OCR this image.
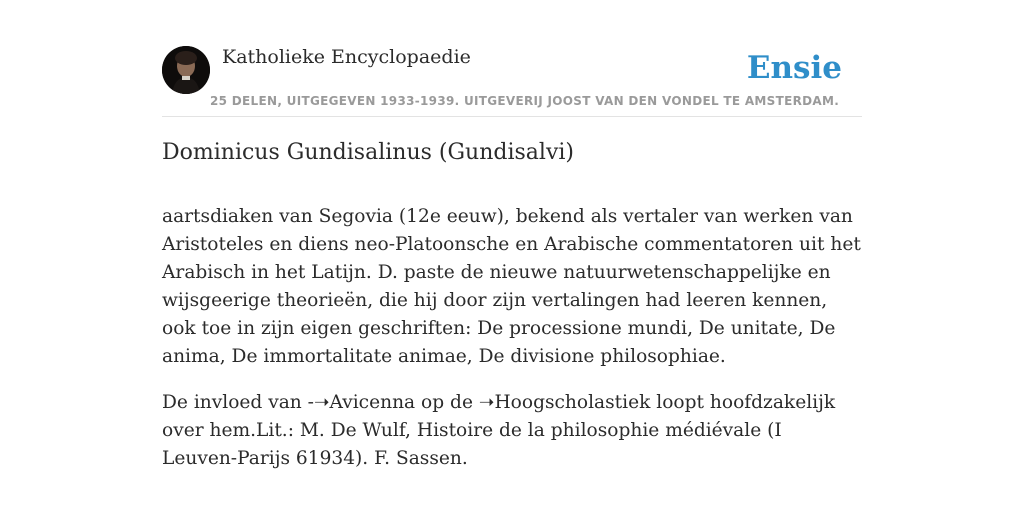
Katholieke Encyclopaedie	Ensie
25 DELEN, UITGEGEVEN 1933-1939. UITGEVERIJ JOOST VAN DEN VONDEL TE AMSTERDAM.
Dominicus Gundisalinus (Gundisalvi)

aartsdiaken van Segovia (12e eeuw), bekend als vertaler van werken van Aristoteles en diens neo-Platoonsche en Arabische commentatoren uit het Arabisch in het Latijn. D. paste de nieuwe natuurwetenschappelijke en wijsgeerige theorieën, die hij door zijn vertalingen had leeren kennen, ook toe in zijn eigen geschriften: De processione mundi, De unitate, De anima, De immortalitate animae, De divisione philosophiae.

De invloed van -➝Avicenna op de ➝Hoogscholastiek loopt hoofdzakelijk over hem.Lit.: M. De Wulf, Histoire de la philosophie médiévale (I Leuven-Parijs 61934). F. Sassen.
